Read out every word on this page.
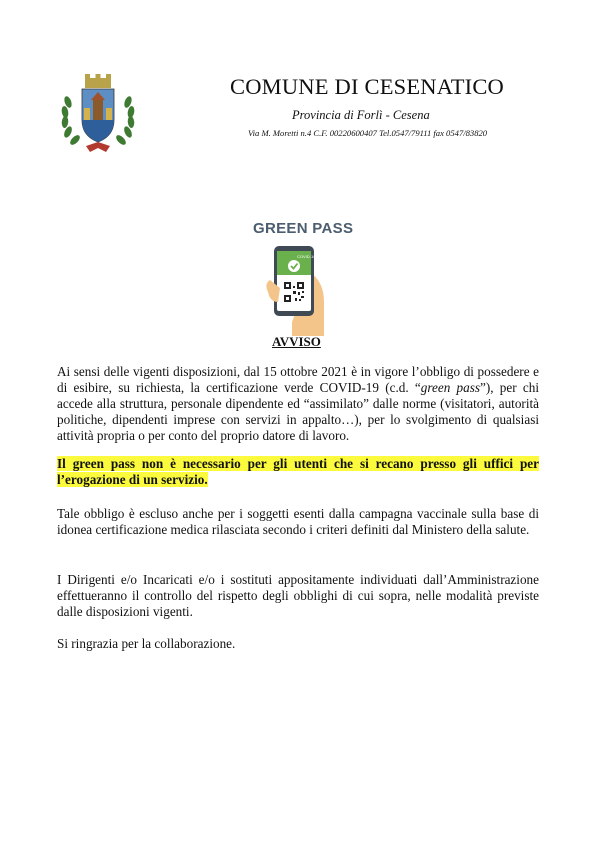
COMUNE DI CESENATICO
Provincia di Forlì - Cesena
Via M. Moretti n.4 C.F. 00220600407 Tel.0547/79111 fax 0547/83820
GREEN PASS
COVID-19
AVVISO

Ai sensi delle vigenti disposizioni, dal 15 ottobre 2021 è in vigore l’obbligo di possedere e di esibire, su richiesta, la certificazione verde COVID-19 (c.d. “green pass”), per chi accede alla struttura, personale dipendente ed “assimilato” dalle norme (visitatori, autorità politiche, dipendenti imprese con servizi in appalto…), per lo svolgimento di qualsiasi attività propria o per conto del proprio datore di lavoro.

Il green pass non è necessario per gli utenti che si recano presso gli uffici per l’erogazione di un servizio.

Tale obbligo è escluso anche per i soggetti esenti dalla campagna vaccinale sulla base di idonea certificazione medica rilasciata secondo i criteri definiti dal Ministero della salute.

I Dirigenti e/o Incaricati e/o i sostituti appositamente individuati dall’Amministrazione effettueranno il controllo del rispetto degli obblighi di cui sopra, nelle modalità previste dalle disposizioni vigenti.

Si ringrazia per la collaborazione.
